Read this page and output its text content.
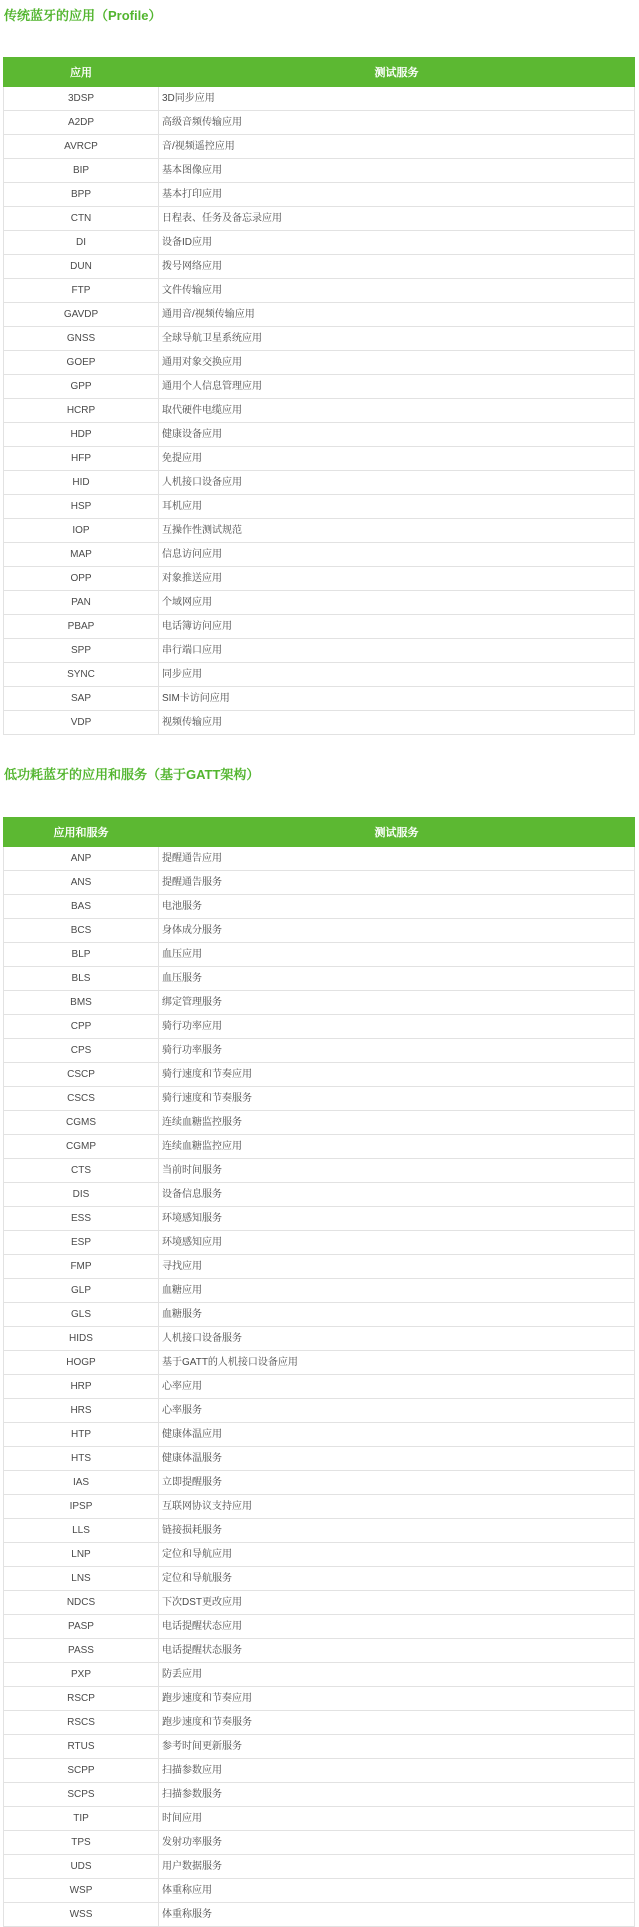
传统蓝牙的应用（Profile）
应用	测试服务
3DSP	3D同步应用
A2DP	高级音频传输应用
AVRCP	音/视频遥控应用
BIP	基本图像应用
BPP	基本打印应用
CTN	日程表、任务及备忘录应用
DI	设备ID应用
DUN	拨号网络应用
FTP	文件传输应用
GAVDP	通用音/视频传输应用
GNSS	全球导航卫星系统应用
GOEP	通用对象交换应用
GPP	通用个人信息管理应用
HCRP	取代硬件电缆应用
HDP	健康设备应用
HFP	免提应用
HID	人机接口设备应用
HSP	耳机应用
IOP	互操作性测试规范
MAP	信息访问应用
OPP	对象推送应用
PAN	个域网应用
PBAP	电话簿访问应用
SPP	串行端口应用
SYNC	同步应用
SAP	SIM卡访问应用
VDP	视频传输应用
低功耗蓝牙的应用和服务（基于GATT架构）
应用和服务	测试服务
ANP	提醒通告应用
ANS	提醒通告服务
BAS	电池服务
BCS	身体成分服务
BLP	血压应用
BLS	血压服务
BMS	绑定管理服务
CPP	骑行功率应用
CPS	骑行功率服务
CSCP	骑行速度和节奏应用
CSCS	骑行速度和节奏服务
CGMS	连续血糖监控服务
CGMP	连续血糖监控应用
CTS	当前时间服务
DIS	设备信息服务
ESS	环境感知服务
ESP	环境感知应用
FMP	寻找应用
GLP	血糖应用
GLS	血糖服务
HIDS	人机接口设备服务
HOGP	基于GATT的人机接口设备应用
HRP	心率应用
HRS	心率服务
HTP	健康体温应用
HTS	健康体温服务
IAS	立即提醒服务
IPSP	互联网协议支持应用
LLS	链接损耗服务
LNP	定位和导航应用
LNS	定位和导航服务
NDCS	下次DST更改应用
PASP	电话提醒状态应用
PASS	电话提醒状态服务
PXP	防丢应用
RSCP	跑步速度和节奏应用
RSCS	跑步速度和节奏服务
RTUS	参考时间更新服务
SCPP	扫描参数应用
SCPS	扫描参数服务
TIP	时间应用
TPS	发射功率服务
UDS	用户数据服务
WSP	体重称应用
WSS	体重称服务
